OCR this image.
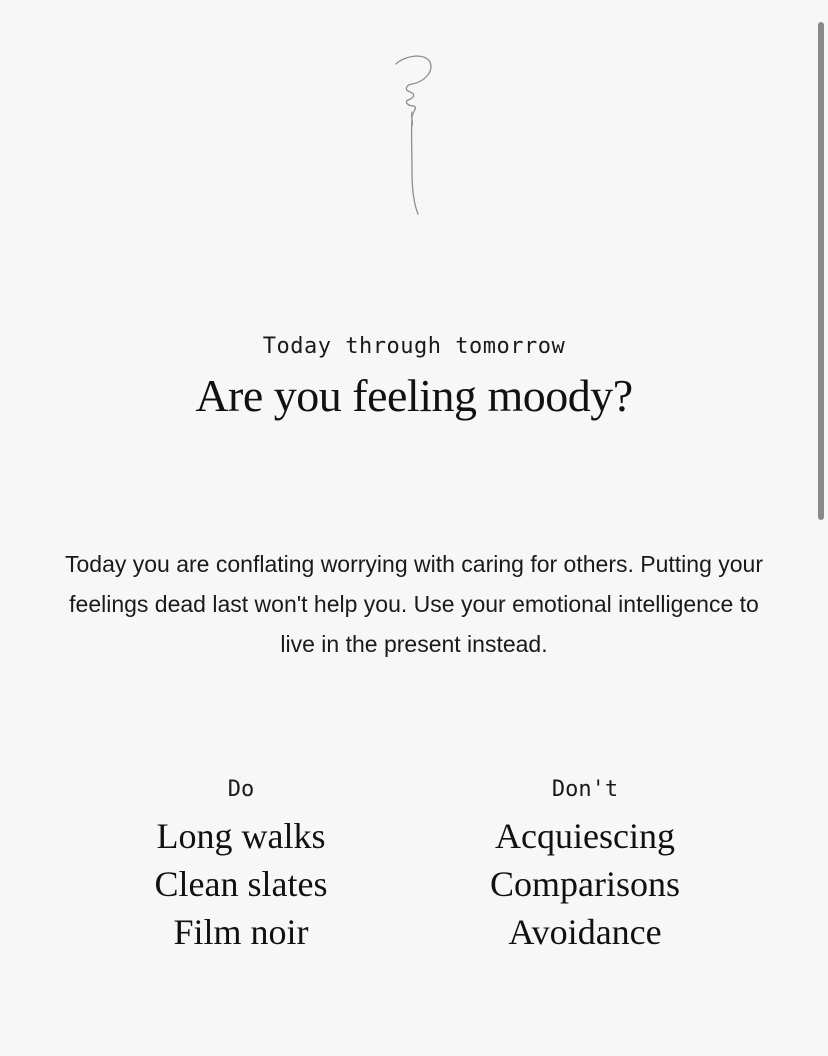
Today through tomorrow
Are you feeling moody?
Today you are conflating worrying with caring for others. Putting your feelings dead last won't help you. Use your emotional intelligence to live in the present instead.
Do
Long walks
Clean slates
Film noir
Don't
Acquiescing
Comparisons
Avoidance
